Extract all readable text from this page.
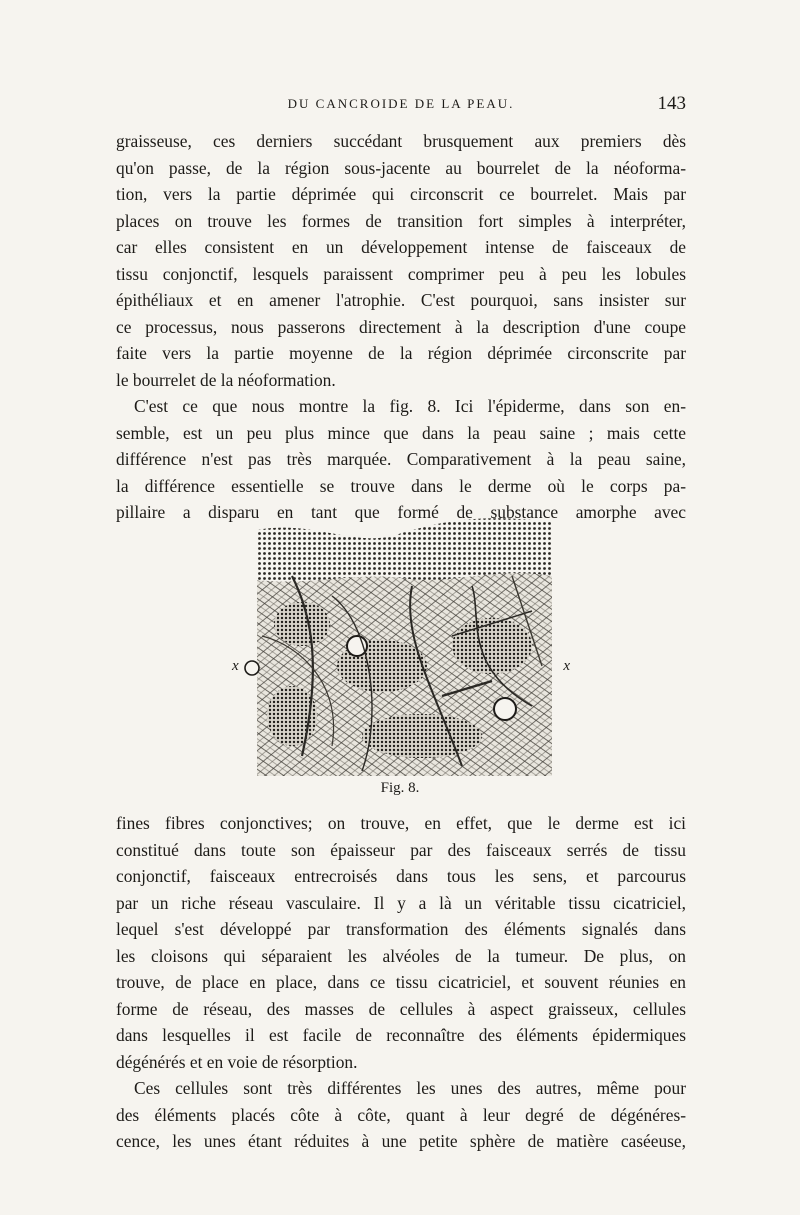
DU CANCROIDE DE LA PEAU.	143
graisseuse, ces derniers succédant brusquement aux premiers dès
qu'on passe, de la région sous-jacente au bourrelet de la néoforma-
tion, vers la partie déprimée qui circonscrit ce bourrelet. Mais par
places on trouve les formes de transition fort simples à interpréter,
car elles consistent en un développement intense de faisceaux de
tissu conjonctif, lesquels paraissent comprimer peu à peu les lobules
épithéliaux et en amener l'atrophie. C'est pourquoi, sans insister sur
ce processus, nous passerons directement à la description d'une coupe
faite vers la partie moyenne de la région déprimée circonscrite par
le bourrelet de la néoformation.
C'est ce que nous montre la fig. 8. Ici l'épiderme, dans son en-
semble, est un peu plus mince que dans la peau saine ; mais cette
différence n'est pas très marquée. Comparativement à la peau saine,
la différence essentielle se trouve dans le derme où le corps pa-
pillaire a disparu en tant que formé de substance amorphe avec
x	x
Fig. 8.
fines fibres conjonctives; on trouve, en effet, que le derme est ici
constitué dans toute son épaisseur par des faisceaux serrés de tissu
conjonctif, faisceaux entrecroisés dans tous les sens, et parcourus
par un riche réseau vasculaire. Il y a là un véritable tissu cicatriciel,
lequel s'est développé par transformation des éléments signalés dans
les cloisons qui séparaient les alvéoles de la tumeur. De plus, on
trouve, de place en place, dans ce tissu cicatriciel, et souvent réunies en
forme de réseau, des masses de cellules à aspect graisseux, cellules
dans lesquelles il est facile de reconnaître des éléments épidermiques
dégénérés et en voie de résorption.
Ces cellules sont très différentes les unes des autres, même pour
des éléments placés côte à côte, quant à leur degré de dégénéres-
cence, les unes étant réduites à une petite sphère de matière caséeuse,
